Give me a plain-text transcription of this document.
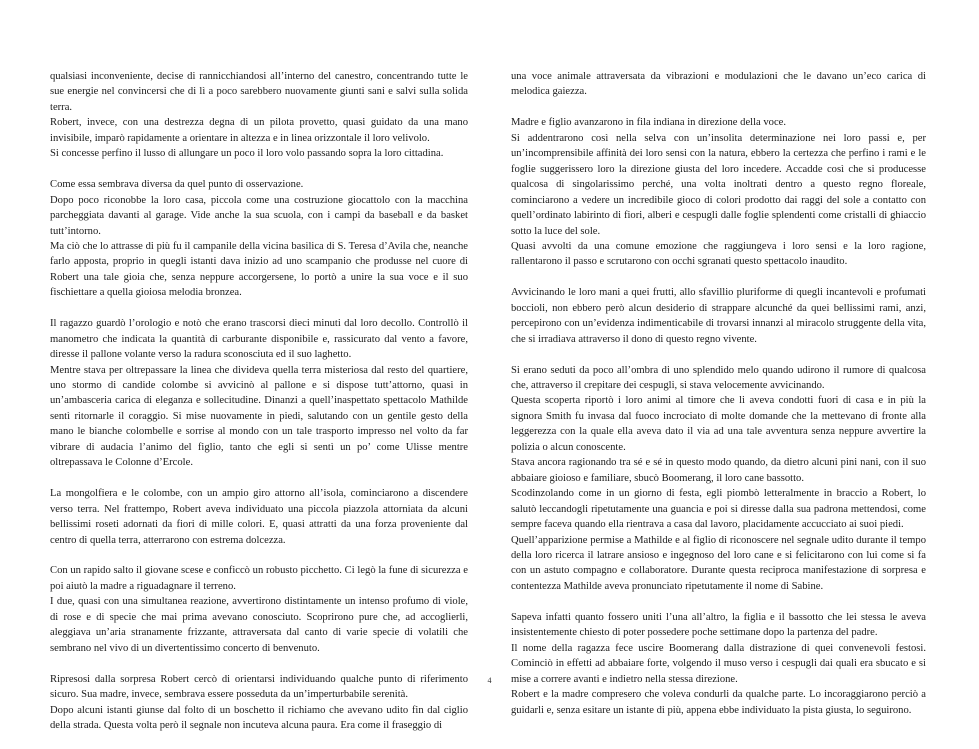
qualsiasi inconveniente, decise di rannicchiandosi all’interno del canestro, concentrando tutte le sue energie nel convincersi che di lì a poco sarebbero nuovamente giunti sani e salvi sulla solida terra.

Robert, invece, con una destrezza degna di un pilota provetto, quasi guidato da una mano invisibile, imparò rapidamente a orientare in altezza e in linea orizzontale il loro velivolo.

Si concesse perfino il lusso di allungare un poco il loro volo passando sopra la loro cittadina.

Come essa sembrava diversa da quel punto di osservazione.

Dopo poco riconobbe la loro casa, piccola come una costruzione giocattolo con la macchina parcheggiata davanti al garage. Vide anche la sua scuola, con i campi da baseball e da basket tutt’intorno.

Ma ciò che lo attrasse di più fu il campanile della vicina basilica di S. Teresa d’Avila che, neanche farlo apposta, proprio in quegli istanti dava inizio ad uno scampanio che produsse nel cuore di Robert una tale gioia che, senza neppure accorgersene, lo portò a unire la sua voce e il suo fischiettare a quella gioiosa melodia bronzea.

Il ragazzo guardò l’orologio e notò che erano trascorsi dieci minuti dal loro decollo. Controllò il manometro che indicata la quantità di carburante disponibile e, rassicurato dal vento a favore, diresse il pallone volante verso la radura sconosciuta ed il suo laghetto.

Mentre stava per oltrepassare la linea che divideva quella terra misteriosa dal resto del quartiere, uno stormo di candide colombe si avvicinò al pallone e si dispose tutt’attorno, quasi in un’ambasceria carica di eleganza e sollecitudine. Dinanzi a quell’inaspettato spettacolo Mathilde sentì ritornarle il coraggio. Si mise nuovamente in piedi, salutando con un gentile gesto della mano le bianche colombelle e sorrise al mondo con un tale trasporto impresso nel volto da far vibrare di audacia l’animo del figlio, tanto che egli si sentì un po’ come Ulisse mentre oltrepassava le Colonne d’Ercole.

La mongolfiera e le colombe, con un ampio giro attorno all’isola, cominciarono a discendere verso terra. Nel frattempo, Robert aveva individuato una piccola piazzola attorniata da alcuni bellissimi roseti adornati da fiori di mille colori. E, quasi attratti da una forza proveniente dal centro di quella terra, atterrarono con estrema dolcezza.

Con un rapido salto il giovane scese e conficcò un robusto picchetto. Ci legò la fune di sicurezza e poi aiutò la madre a riguadagnare il terreno.

I due, quasi con una simultanea reazione, avvertirono distintamente un intenso profumo di viole, di rose e di specie che mai prima avevano conosciuto. Scoprirono pure che, ad accoglierli, aleggiava un’aria stranamente frizzante, attraversata dal canto di varie specie di volatili che sembrano nel vivo di un divertentissimo concerto di benvenuto.

Ripresosi dalla sorpresa Robert cercò di orientarsi individuando qualche punto di riferimento sicuro. Sua madre, invece, sembrava essere posseduta da un’imperturbabile serenità.

Dopo alcuni istanti giunse dal folto di un boschetto il richiamo che avevano udito fin dal ciglio della strada. Questa volta però il segnale non incuteva alcuna paura. Era come il fraseggio di

una voce animale attraversata da vibrazioni e modulazioni che le davano un’eco carica di melodica gaiezza.

Madre e figlio avanzarono in fila indiana in direzione della voce.

Si addentrarono così nella selva con un’insolita determinazione nei loro passi e, per un’incomprensibile affinità dei loro sensi con la natura, ebbero la certezza che perfino i rami e le foglie suggerissero loro la direzione giusta del loro incedere. Accadde così che si producesse qualcosa di singolarissimo perché, una volta inoltrati dentro a questo regno floreale, cominciarono a vedere un incredibile gioco di colori prodotto dai raggi del sole a contatto con quell’ordinato labirinto di fiori, alberi e cespugli dalle foglie splendenti come cristalli di ghiaccio sotto la luce del sole.

Quasi avvolti da una comune emozione che raggiungeva i loro sensi e la loro ragione, rallentarono il passo e scrutarono con occhi sgranati questo spettacolo inaudito.

Avvicinando le loro mani a quei frutti, allo sfavillio pluriforme di quegli incantevoli e profumati boccioli, non ebbero però alcun desiderio di strappare alcunché da quei bellissimi rami, anzi, percepirono con un’evidenza indimenticabile di trovarsi innanzi al miracolo struggente della vita, che si irradiava attraverso il dono di questo regno vivente.

Si erano seduti da poco all’ombra di uno splendido melo quando udirono il rumore di qualcosa che, attraverso il crepitare dei cespugli, si stava velocemente avvicinando.

Questa scoperta riportò i loro animi al timore che li aveva condotti fuori di casa e in più la signora Smith fu invasa dal fuoco incrociato di molte domande che la mettevano di fronte alla leggerezza con la quale ella aveva dato il via ad una tale avventura senza neppure avvertire la polizia o alcun conoscente.

Stava ancora ragionando tra sé e sé in questo modo quando, da dietro alcuni pini nani, con il suo abbaiare gioioso e familiare, sbucò Boomerang, il loro cane bassotto.

Scodinzolando come in un giorno di festa, egli piombò letteralmente in braccio a Robert, lo salutò leccandogli ripetutamente una guancia e poi si diresse dalla sua padrona mettendosi, come sempre faceva quando ella rientrava a casa dal lavoro, placidamente accucciato ai suoi piedi.

Quell’apparizione permise a Mathilde e al figlio di riconoscere nel segnale udito durante il tempo della loro ricerca il latrare ansioso e ingegnoso del loro cane e si felicitarono con lui come si fa con un astuto compagno e collaboratore. Durante questa reciproca manifestazione di sorpresa e contentezza Mathilde aveva pronunciato ripetutamente il nome di Sabine.

Sapeva infatti quanto fossero uniti l’una all’altro, la figlia e il bassotto che lei stessa le aveva insistentemente chiesto di poter possedere poche settimane dopo la partenza del padre.

Il nome della ragazza fece uscire Boomerang dalla distrazione di quei convenevoli festosi. Cominciò in effetti ad abbaiare forte, volgendo il muso verso i cespugli dai quali era sbucato e si mise a correre avanti e indietro nella stessa direzione.

Robert e la madre compresero che voleva condurli da qualche parte. Lo incoraggiarono perciò a guidarli e, senza esitare un istante di più, appena ebbe individuato la pista giusta, lo seguirono.

4
